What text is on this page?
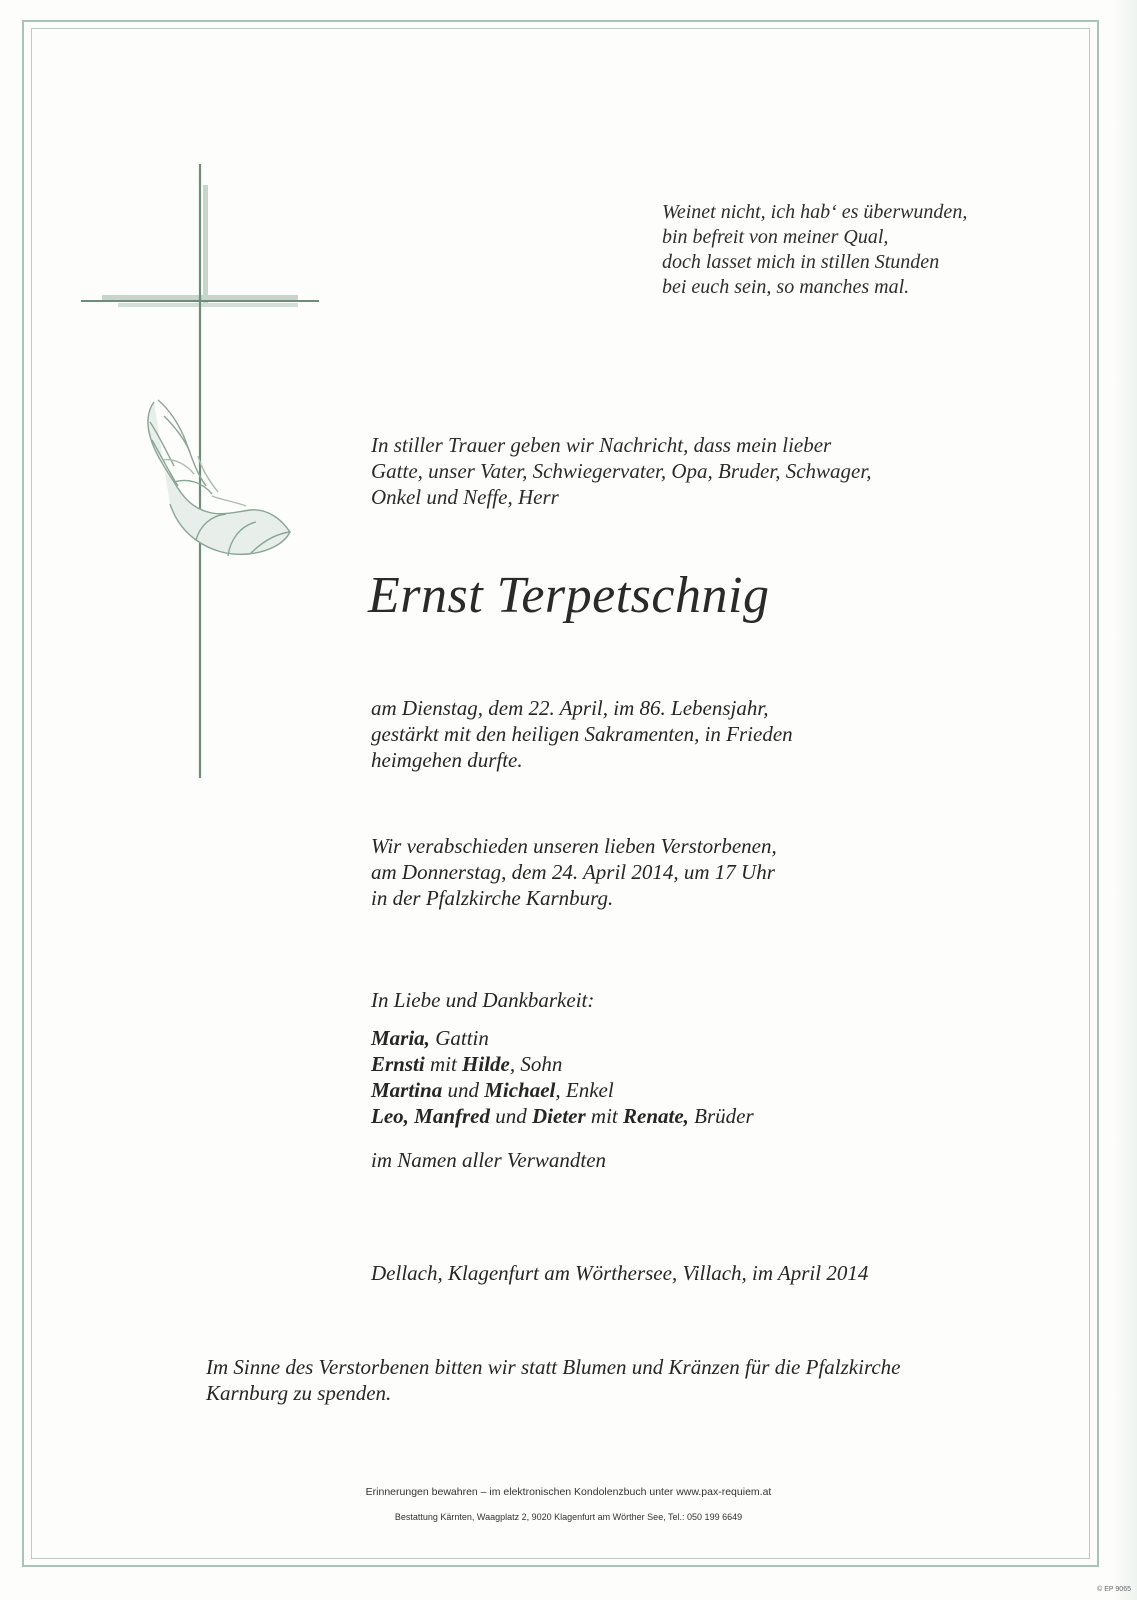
Weinet nicht, ich hab‘ es überwunden,
bin befreit von meiner Qual,
doch lasset mich in stillen Stunden
bei euch sein, so manches mal.
In stiller Trauer geben wir Nachricht, dass mein lieber
Gatte, unser Vater, Schwiegervater, Opa, Bruder, Schwager,
Onkel und Neffe, Herr
Ernst Terpetschnig
am Dienstag, dem 22. April, im 86. Lebensjahr,
gestärkt mit den heiligen Sakramenten, in Frieden
heimgehen durfte.
Wir verabschieden unseren lieben Verstorbenen,
am Donnerstag, dem 24. April 2014, um 17 Uhr
in der Pfalzkirche Karnburg.
In Liebe und Dankbarkeit:
Maria, Gattin
Ernsti mit Hilde, Sohn
Martina und Michael, Enkel
Leo, Manfred und Dieter mit Renate, Brüder
im Namen aller Verwandten
Dellach, Klagenfurt am Wörthersee, Villach, im April 2014
Im Sinne des Verstorbenen bitten wir statt Blumen und Kränzen für die Pfalzkirche
Karnburg zu spenden.

Erinnerungen bewahren – im elektronischen Kondolenzbuch unter www.pax-requiem.at

Bestattung Kärnten, Waagplatz 2, 9020 Klagenfurt am Wörther See, Tel.: 050 199 6649

© EP 9065
